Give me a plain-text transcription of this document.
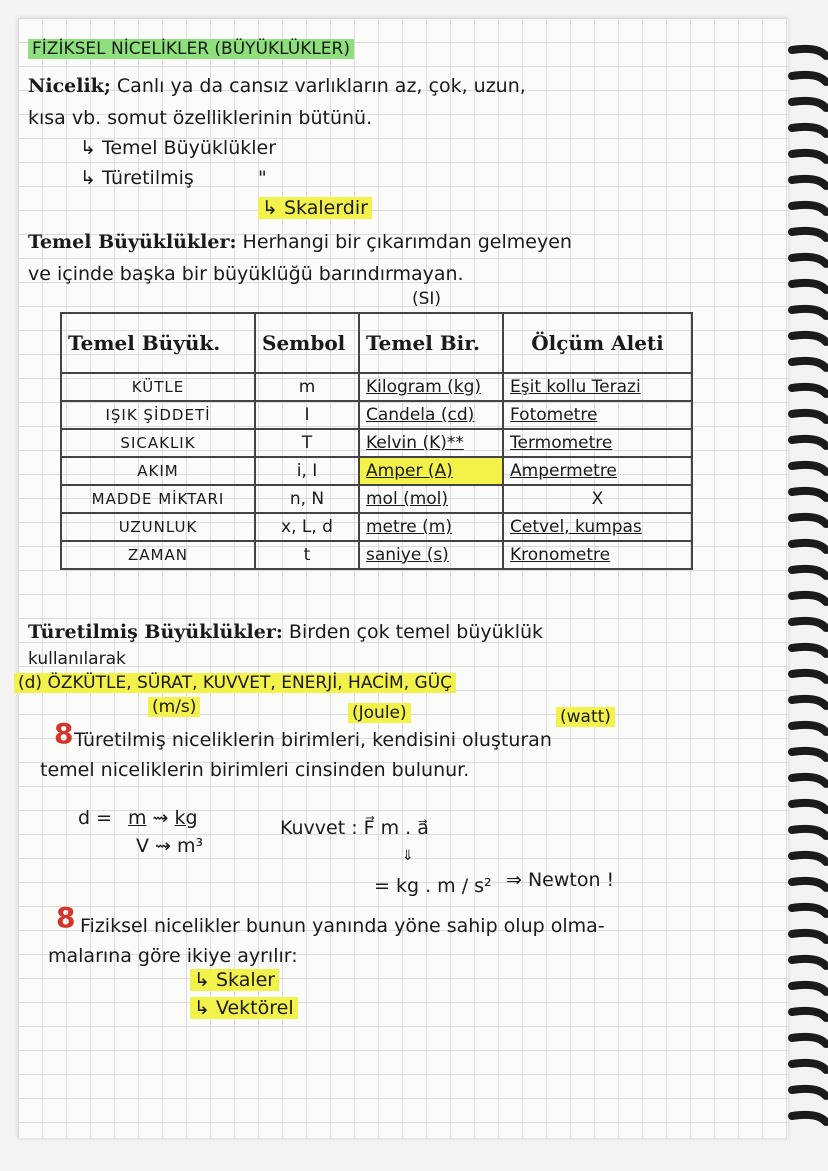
FİZİKSEL NİCELİKLER (BÜYÜKLÜKLER)
Nicelik; Canlı ya da cansız varlıkların az, çok, uzun,
kısa vb. somut özelliklerinin bütünü.
↳ Temel Büyüklükler
↳ Türetilmiş	"
↳ Skalerdir
Temel Büyüklükler: Herhangi bir çıkarımdan gelmeyen
ve içinde başka bir büyüklüğü barındırmayan.
(SI)
Temel Büyük.	Sembol	Temel Bir.	Ölçüm Aleti
KÜTLE	m	Kilogram (kg)	Eşit kollu Terazi
IŞIK ŞİDDETİ	I	Candela (cd)	Fotometre
SICAKLIK	T	Kelvin (K)**	Termometre
AKIM	i, I	Amper (A)	Ampermetre
MADDE MİKTARI	n, N	mol (mol)	X
UZUNLUK	x, L, d	metre (m)	Cetvel, kumpas
ZAMAN	t	saniye (s)	Kronometre
Türetilmiş Büyüklükler: Birden çok temel büyüklük
kullanılarak
(d) ÖZKÜTLE, SÜRAT, KUVVET, ENERJİ, HACİM, GÜÇ
(m/s)	(Joule)	(watt)
8 Türetilmiş niceliklerin birimleri, kendisini oluşturan
temel niceliklerin birimleri cinsinden bulunur.
d = m ⇝ kg
V ⇝ m³
Kuvvet : F⃗ m . a⃗
⇓
= kg . m / s² ⇒ Newton !
8 Fiziksel nicelikler bunun yanında yöne sahip olup olma-
malarına göre ikiye ayrılır:
↳ Skaler
↳ Vektörel
